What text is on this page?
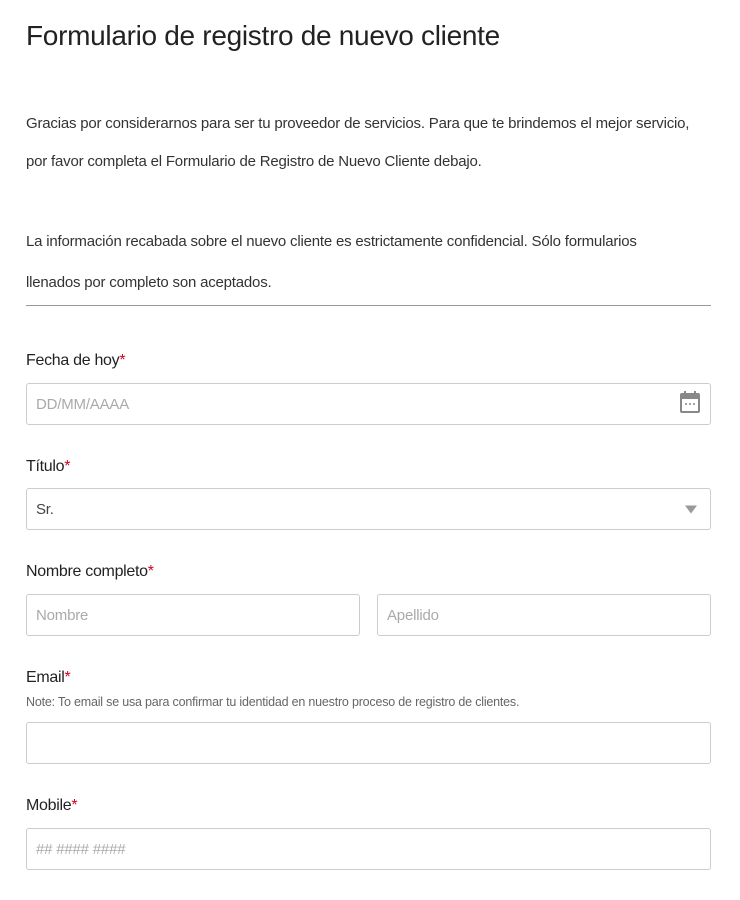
Formulario de registro de nuevo cliente
Gracias por considerarnos para ser tu proveedor de servicios. Para que te brindemos el mejor servicio,
por favor completa el Formulario de Registro de Nuevo Cliente debajo.
La información recabada sobre el nuevo cliente es estrictamente confidencial. Sólo formularios
llenados por completo son aceptados.
Fecha de hoy*
DD/MM/AAAA
Título*
Sr.
Nombre completo*
Nombre	Apellido
Email*
Note: To email se usa para confirmar tu identidad en nuestro proceso de registro de clientes.
Mobile*
## #### ####
